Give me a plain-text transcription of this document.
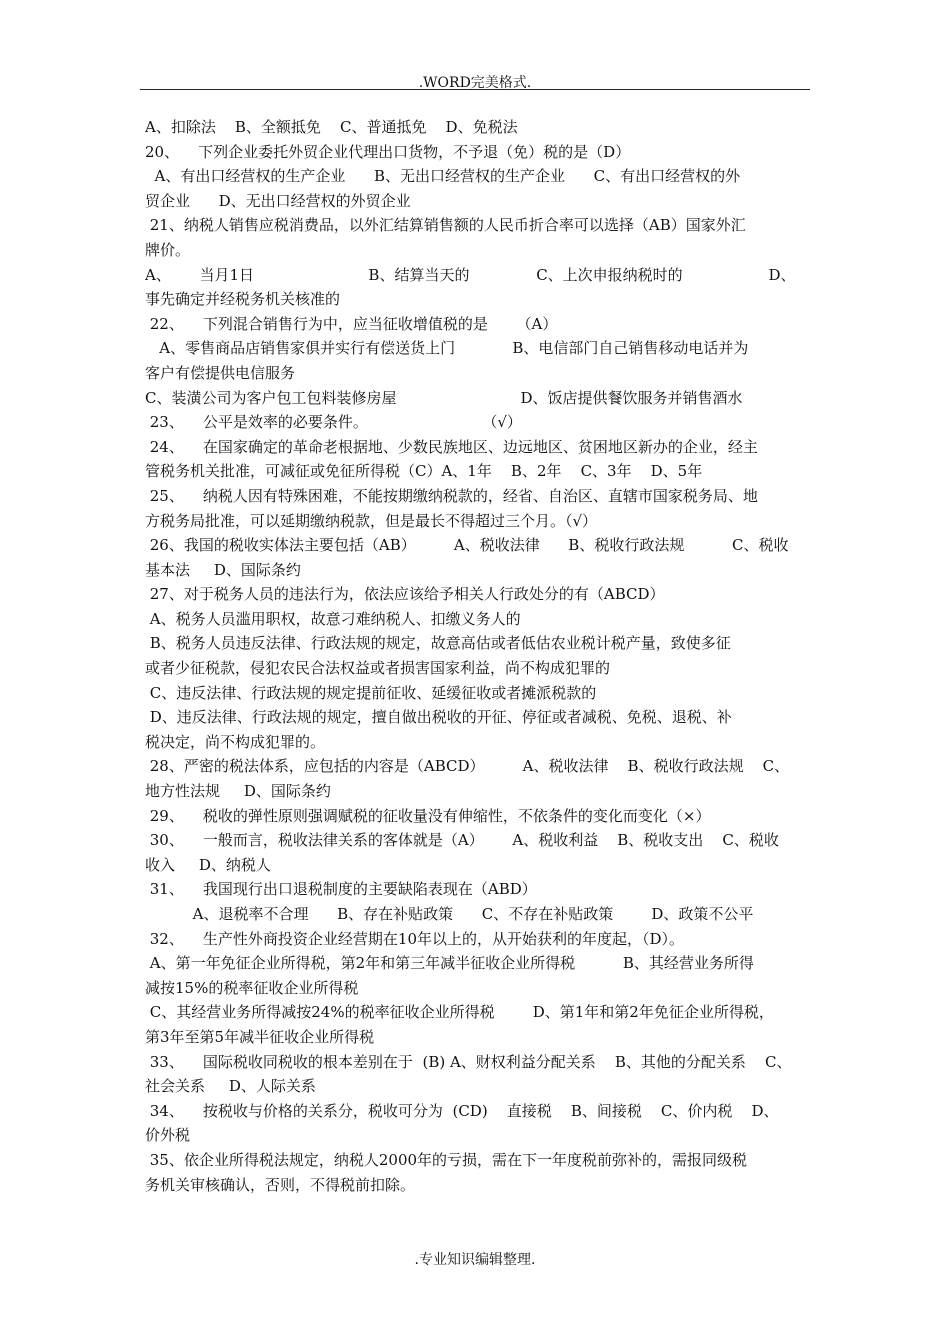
.WORD完美格式.
A、扣除法    B、全额抵免    C、普通抵免    D、免税法
20、    下列企业委托外贸企业代理出口货物，不予退（免）税的是（D）
A、有出口经营权的生产企业      B、无出口经营权的生产企业      C、有出口经营权的外
贸企业      D、无出口经营权的外贸企业
21、纳税人销售应税消费品，以外汇结算销售额的人民币折合率可以选择（AB）国家外汇
牌价。
A、      当月1日                        B、结算当天的              C、上次申报纳税时的                  D、
事先确定并经税务机关核准的
22、    下列混合销售行为中，应当征收增值税的是      （A）
A、零售商品店销售家俱并实行有偿送货上门            B、电信部门自己销售移动电话并为
客户有偿提供电信服务
C、装潢公司为客户包工包料装修房屋                          D、饭店提供餐饮服务并销售酒水
23、    公平是效率的必要条件。                        （√）
24、    在国家确定的革命老根据地、少数民族地区、边远地区、贫困地区新办的企业，经主
管税务机关批准，可减征或免征所得税（C）A、1年    B、2年    C、3年    D、5年
25、    纳税人因有特殊困难，不能按期缴纳税款的，经省、自治区、直辖市国家税务局、地
方税务局批准，可以延期缴纳税款，但是最长不得超过三个月。（√）
26、我国的税收实体法主要包括（AB）        A、税收法律      B、税收行政法规          C、税收
基本法     D、国际条约
27、对于税务人员的违法行为，依法应该给予相关人行政处分的有（ABCD）
A、税务人员滥用职权，故意刁难纳税人、扣缴义务人的
B、税务人员违反法律、行政法规的规定，故意高估或者低估农业税计税产量，致使多征
或者少征税款，侵犯农民合法权益或者损害国家利益，尚不构成犯罪的
C、违反法律、行政法规的规定提前征收、延缓征收或者摊派税款的
D、违反法律、行政法规的规定，擅自做出税收的开征、停征或者减税、免税、退税、补
税决定，尚不构成犯罪的。
28、严密的税法体系，应包括的内容是（ABCD）        A、税收法律    B、税收行政法规    C、
地方性法规     D、国际条约
29、    税收的弹性原则强调赋税的征收量没有伸缩性，不依条件的变化而变化（×）
30、    一般而言，税收法律关系的客体就是（A）      A、税收利益    B、税收支出    C、税收
收入     D、纳税人
31、    我国现行出口退税制度的主要缺陷表现在（ABD）
A、退税率不合理      B、存在补贴政策      C、不存在补贴政策        D、政策不公平
32、    生产性外商投资企业经营期在10年以上的，从开始获利的年度起，（D）。
A、第一年免征企业所得税，第2年和第三年减半征收企业所得税          B、其经营业务所得
减按15%的税率征收企业所得税
C、其经营业务所得减按24%的税率征收企业所得税        D、第1年和第2年免征企业所得税，
第3年至第5年减半征收企业所得税
33、    国际税收同税收的根本差别在于  (B) A、财权利益分配关系    B、其他的分配关系    C、
社会关系     D、人际关系
34、    按税收与价格的关系分，税收可分为  (CD)    直接税    B、间接税    C、价内税    D、
价外税
35、依企业所得税法规定，纳税人2000年的亏损，需在下一年度税前弥补的，需报同级税
务机关审核确认，否则，不得税前扣除。
.专业知识编辑整理.
